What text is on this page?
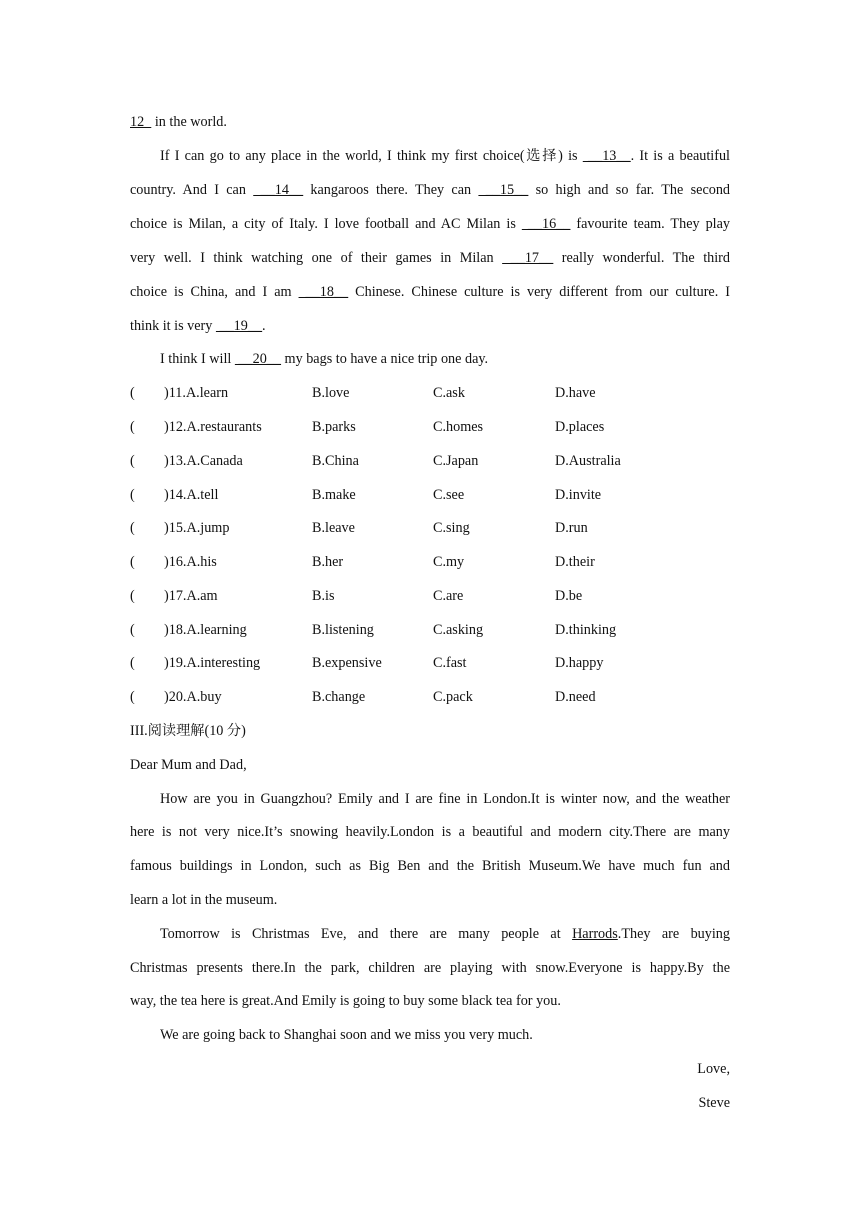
12   in the world.
If I can go to any place in the world, I think my first choice(选择) is  __13__. It is a beautiful
country. And I can  __14__ kangaroos there. They can  __15__ so high and so far. The second
choice is Milan, a city of Italy. I love football and AC Milan is  __16__ favourite team. They play
very well. I think watching one of their games in Milan  __17__ really wonderful. The third
choice is China, and I am  __18__ Chinese. Chinese culture is very different from our culture. I
think it is very  __19__.
I think I will  __20__ my bags to have a nice trip one day.
( )11.A.learn	B.love	C.ask	D.have
( )12.A.restaurants	B.parks	C.homes	D.places
( )13.A.Canada	B.China	C.Japan	D.Australia
( )14.A.tell	B.make	C.see	D.invite
( )15.A.jump	B.leave	C.sing	D.run
( )16.A.his	B.her	C.my	D.their
( )17.A.am	B.is	C.are	D.be
( )18.A.learning	B.listening	C.asking	D.thinking
( )19.A.interesting	B.expensive	C.fast	D.happy
( )20.A.buy	B.change	C.pack	D.need
III.阅读理解(10 分)
Dear Mum and Dad,
How are you in Guangzhou? Emily and I are fine in London.It is winter now, and the weather
here is not very nice.It’s snowing heavily.London is a beautiful and modern city.There are many
famous buildings in London, such as Big Ben and the British Museum.We have much fun and
learn a lot in the museum.
Tomorrow is Christmas Eve, and there are many people at Harrods.They are buying
Christmas presents there.In the park, children are playing with snow.Everyone is happy.By the
way, the tea here is great.And Emily is going to buy some black tea for you.
We are going back to Shanghai soon and we miss you very much.
Love,
Steve
